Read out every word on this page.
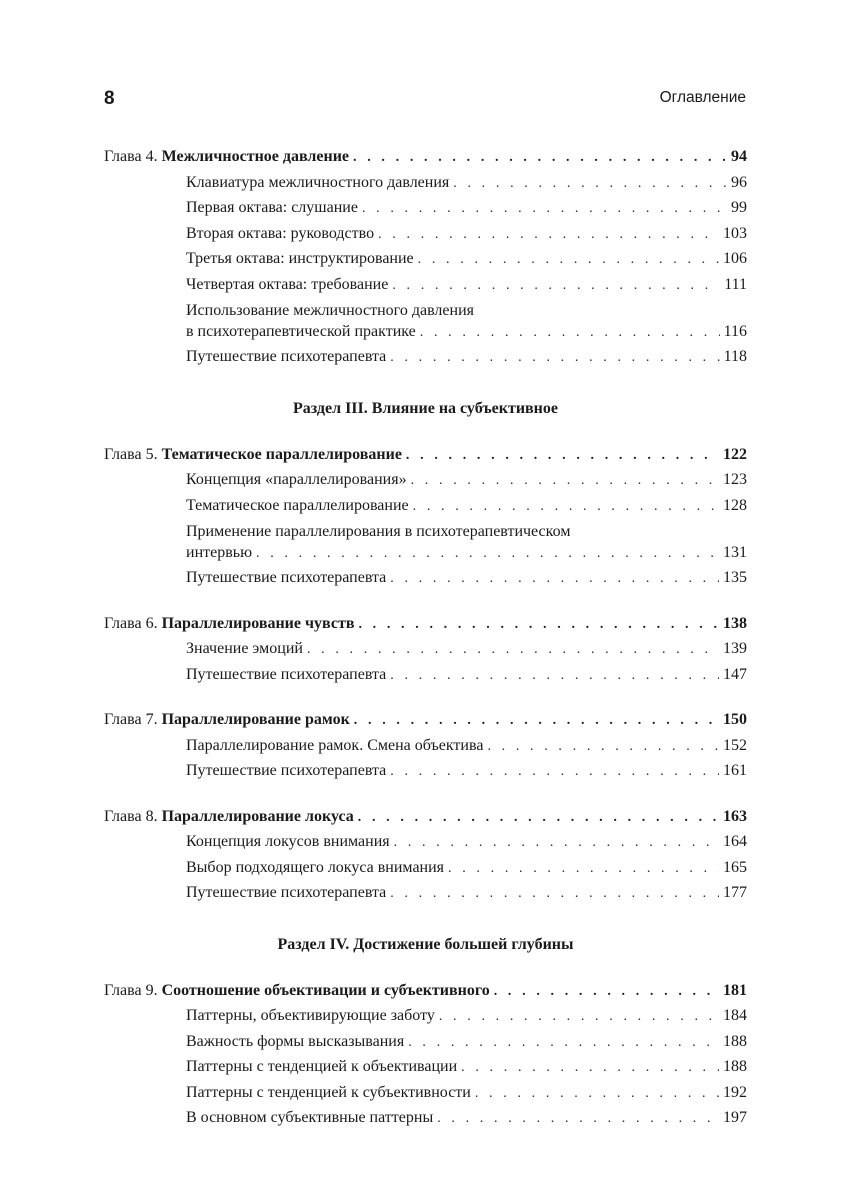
8	Оглавление
Глава 4. Межличностное давление . . .	94
Клавиатура межличностного давления . . .	96
Первая октава: слушание . . .	99
Вторая октава: руководство . . .	103
Третья октава: инструктирование . . .	106
Четвертая октава: требование . . .	111
Использование межличностного давления
в психотерапевтической практике . . .	116
Путешествие психотерапевта . . .	118
Раздел III. Влияние на субъективное
Глава 5. Тематическое параллелирование . . .	122
Концепция «параллелирования» . . .	123
Тематическое параллелирование . . .	128
Применение параллелирования в психотерапевтическом
интервью . . .	131
Путешествие психотерапевта . . .	135
Глава 6. Параллелирование чувств . . .	138
Значение эмоций . . .	139
Путешествие психотерапевта . . .	147
Глава 7. Параллелирование рамок . . .	150
Параллелирование рамок. Смена объектива . . .	152
Путешествие психотерапевта . . .	161
Глава 8. Параллелирование локуса . . .	163
Концепция локусов внимания . . .	164
Выбор подходящего локуса внимания . . .	165
Путешествие психотерапевта . . .	177
Раздел IV. Достижение большей глубины
Глава 9. Соотношение объективации и субъективного . . .	181
Паттерны, объективирующие заботу . . .	184
Важность формы высказывания . . .	188
Паттерны с тенденцией к объективации . . .	188
Паттерны с тенденцией к субъективности . . .	192
В основном субъективные паттерны . . .	197
